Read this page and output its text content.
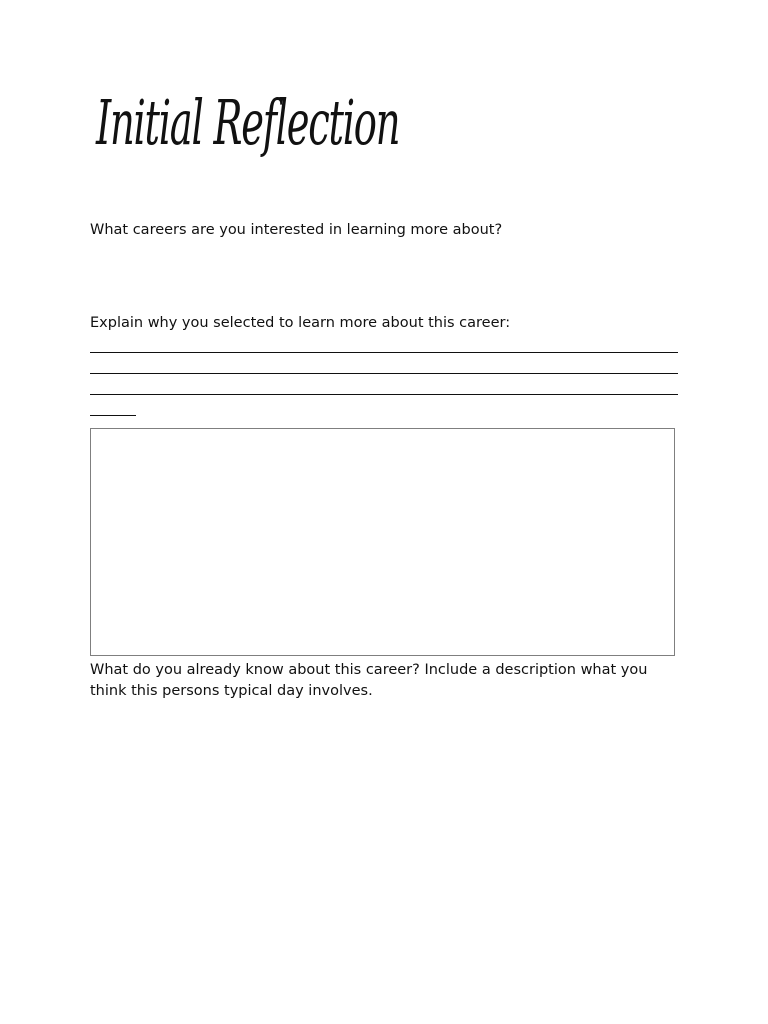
Initial Reflection
What careers are you interested in learning more about?
Explain why you selected to learn more about this career:
What do you already know about this career? Include a description what you think this persons typical day involves.
